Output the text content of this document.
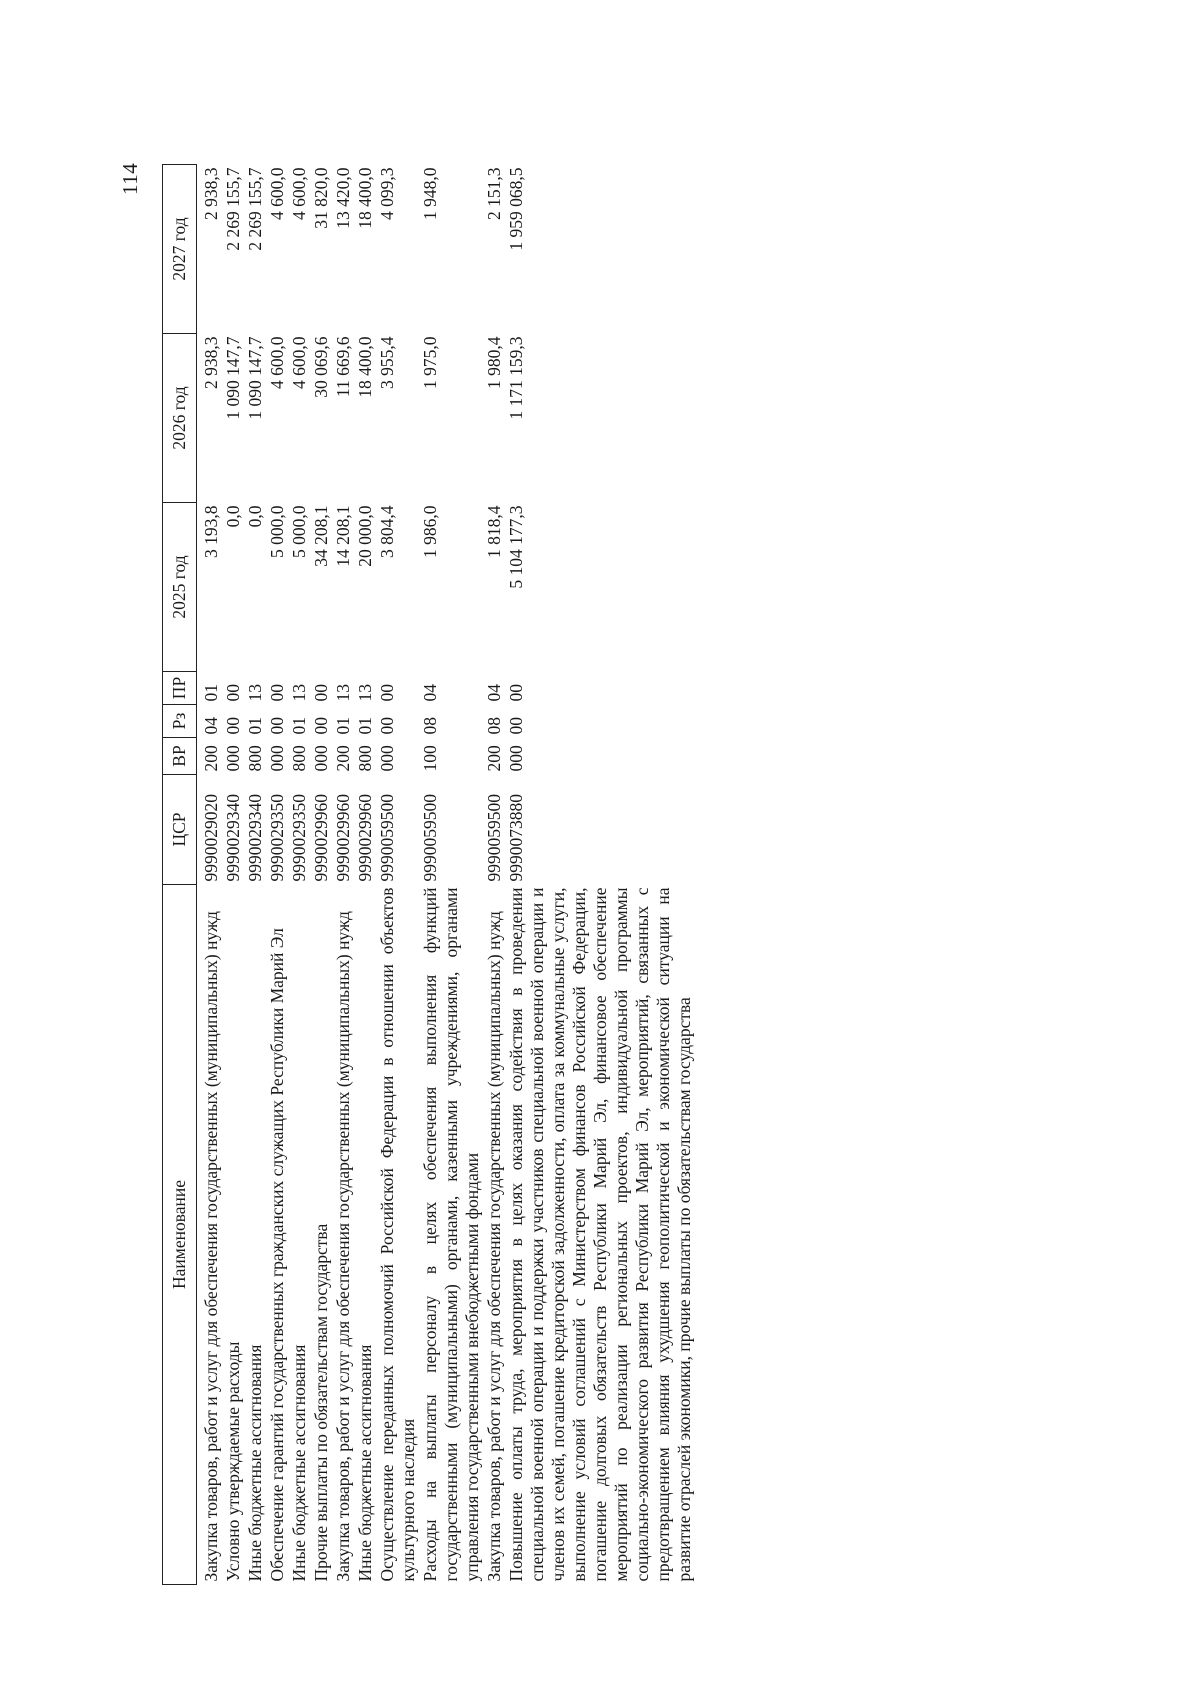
114
Наименование	ЦСР	ВР	Рз	ПР	2025 год	2026 год	2027 год
Закупка товаров, работ и услуг для обеспечения государственных (муниципальных) нужд	9990029020	200	04	01	3 193,8	2 938,3	2 938,3
Условно утверждаемые расходы	9990029340	000	00	00	0,0	1 090 147,7	2 269 155,7
Иные бюджетные ассигнования	9990029340	800	01	13	0,0	1 090 147,7	2 269 155,7
Обеспечение гарантий государственных гражданских служащих Республики Марий Эл	9990029350	000	00	00	5 000,0	4 600,0	4 600,0
Иные бюджетные ассигнования	9990029350	800	01	13	5 000,0	4 600,0	4 600,0
Прочие выплаты по обязательствам государства	9990029960	000	00	00	34 208,1	30 069,6	31 820,0
Закупка товаров, работ и услуг для обеспечения государственных (муниципальных) нужд	9990029960	200	01	13	14 208,1	11 669,6	13 420,0
Иные бюджетные ассигнования	9990029960	800	01	13	20 000,0	18 400,0	18 400,0
Осуществление переданных полномочий Российской Федерации в отношении объектов культурного наследия	9990059500	000	00	00	3 804,4	3 955,4	4 099,3
Расходы на выплаты персоналу в целях обеспечения выполнения функций государственными (муниципальными) органами, казенными учреждениями, органами управления государственными внебюджетными фондами	9990059500	100	08	04	1 986,0	1 975,0	1 948,0
Закупка товаров, работ и услуг для обеспечения государственных (муниципальных) нужд	9990059500	200	08	04	1 818,4	1 980,4	2 151,3
Повышение оплаты труда, мероприятия в целях оказания содействия в проведении специальной военной операции и поддержки участников специальной военной операции и членов их семей, погашение кредиторской задолженности, оплата за коммунальные услуги, выполнение условий соглашений с Министерством финансов Российской Федерации, погашение долговых обязательств Республики Марий Эл, финансовое обеспечение мероприятий по реализации региональных проектов, индивидуальной программы социально-экономического развития Республики Марий Эл, мероприятий, связанных с предотвращением влияния ухудшения геополитической и экономической ситуации на развитие отраслей экономики, прочие выплаты по обязательствам государства	9990073880	000	00	00	5 104 177,3	1 171 159,3	1 959 068,5
